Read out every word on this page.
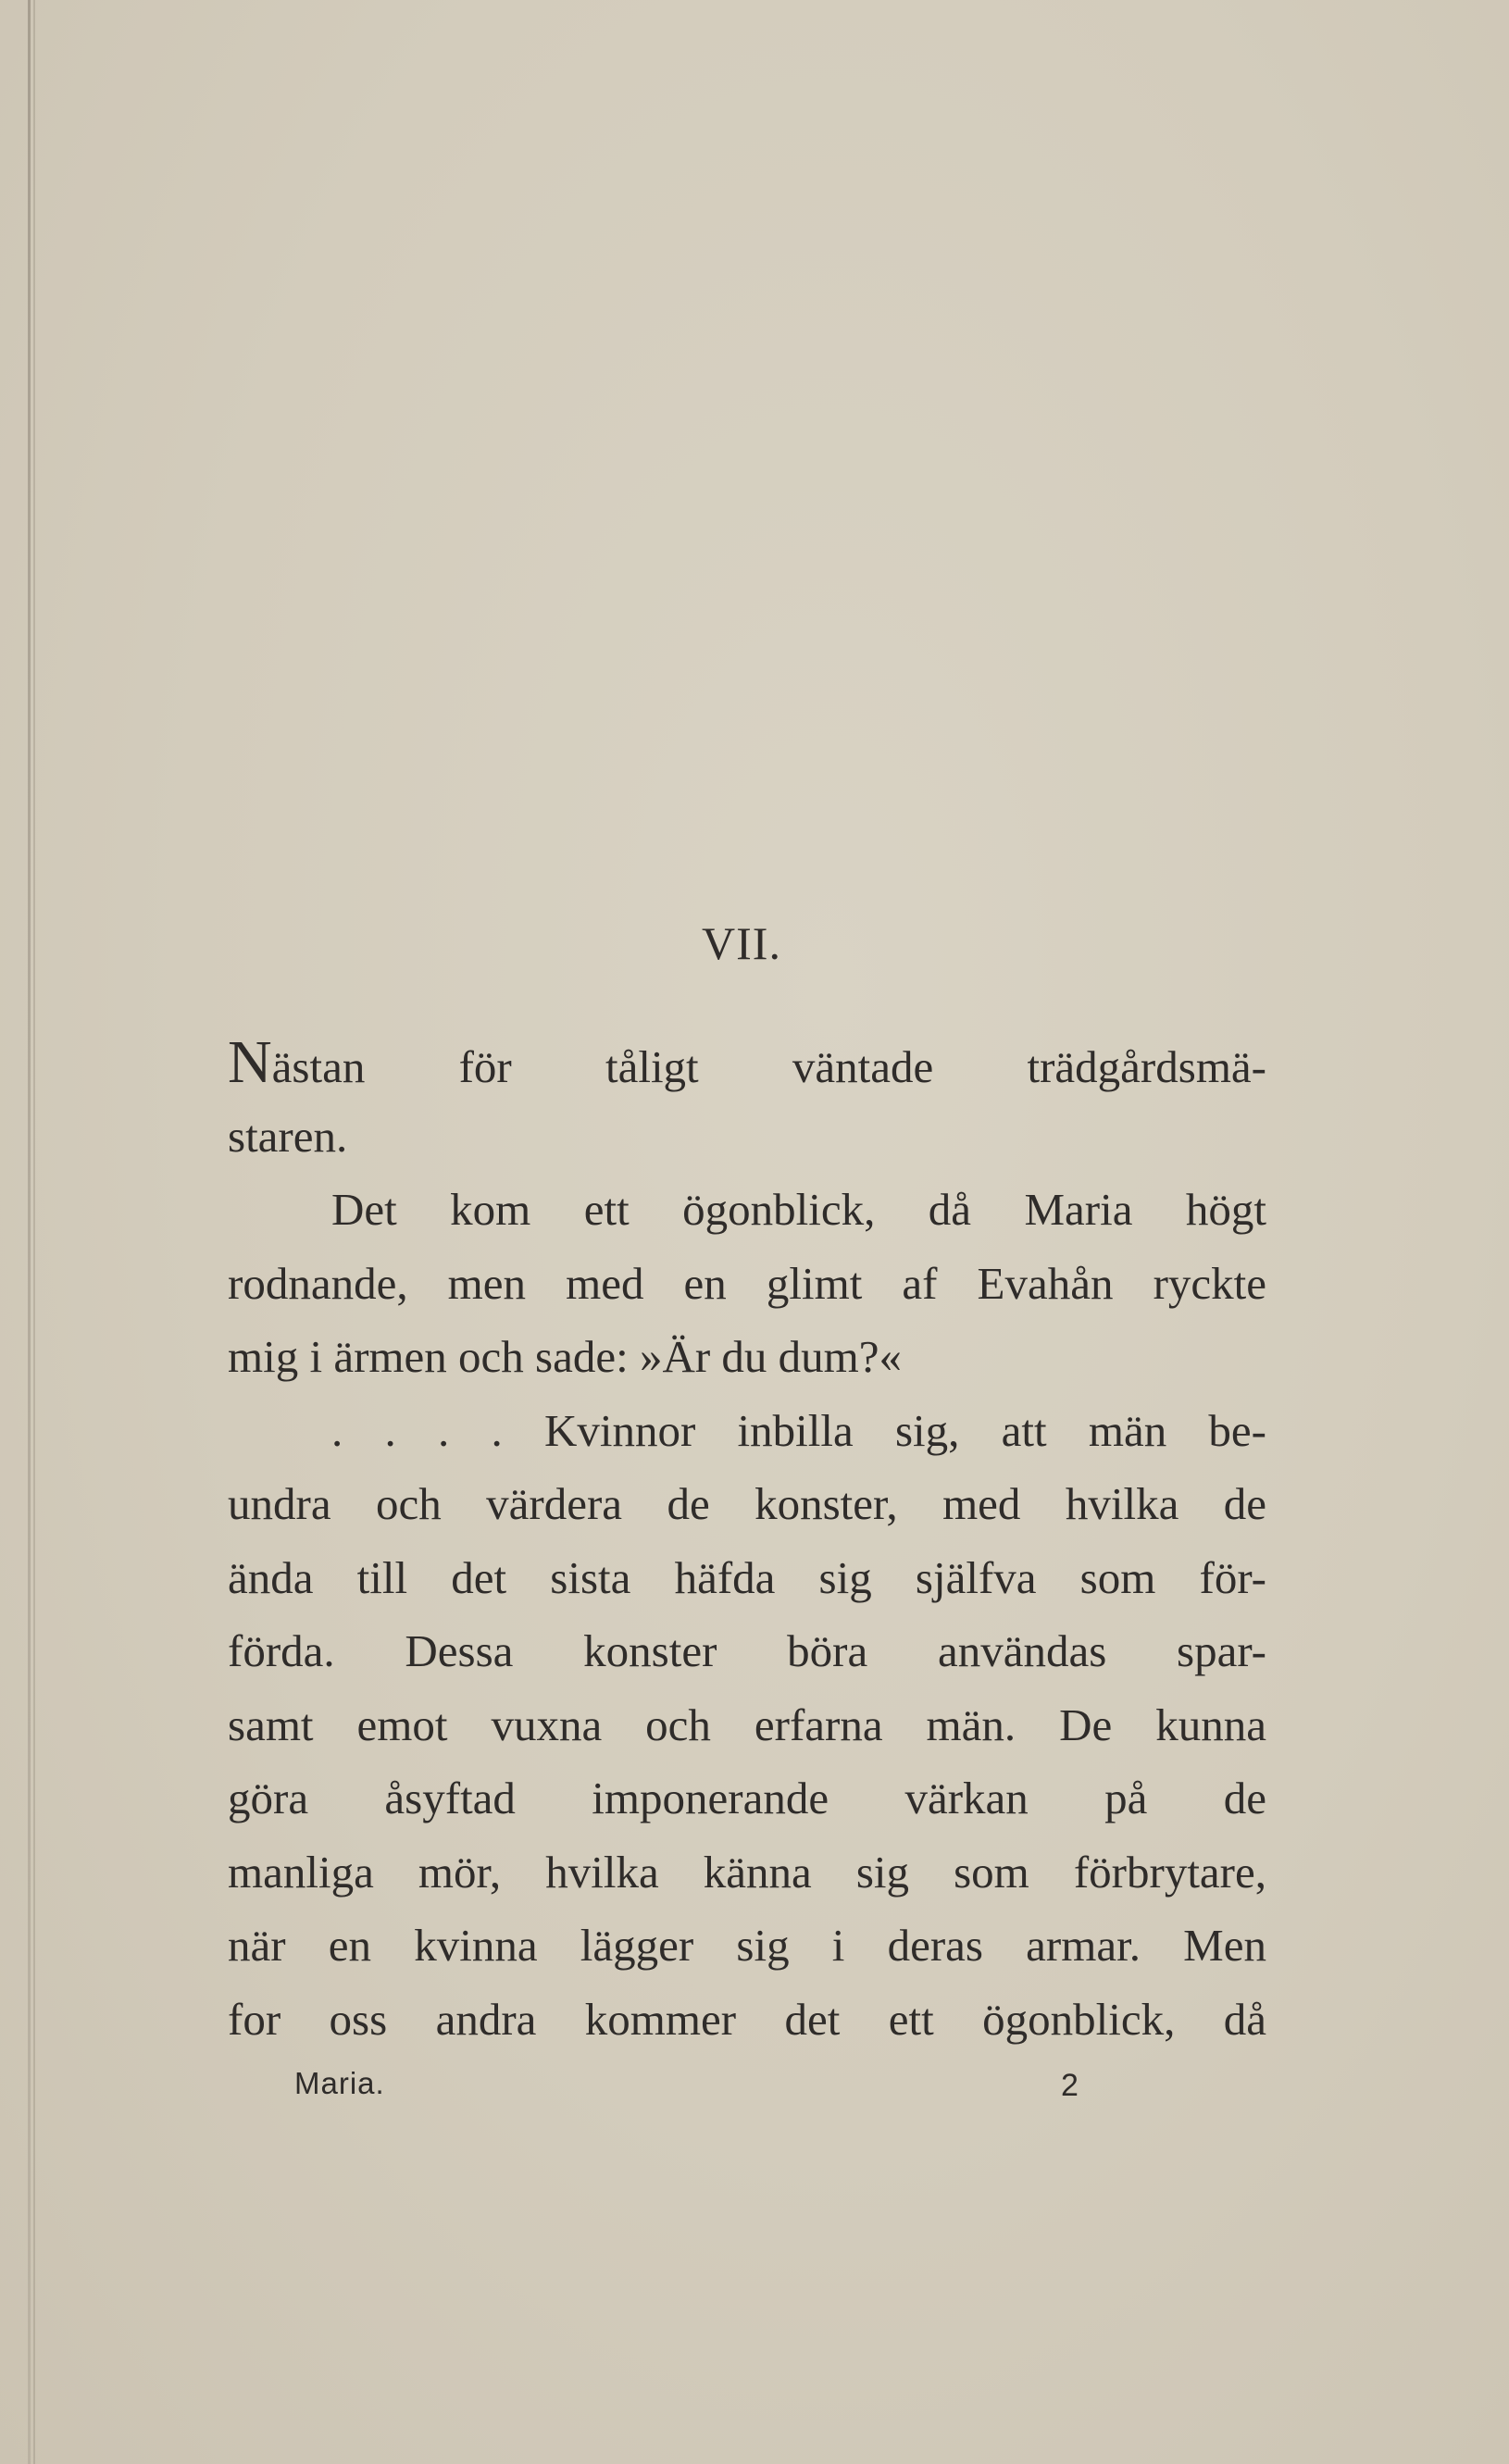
VII.
Nästan för tåligt väntade trädgårdsmä-
staren.
Det kom ett ögonblick, då Maria högt
rodnande, men med en glimt af Evahån ryckte
mig i ärmen och sade: »Är du dum?«
. . . . Kvinnor inbilla sig, att män be-
undra och värdera de konster, med hvilka de
ända till det sista häfda sig själfva som för-
förda. Dessa konster böra användas spar-
samt emot vuxna och erfarna män. De kunna
göra åsyftad imponerande värkan på de
manliga mör, hvilka känna sig som förbrytare,
när en kvinna lägger sig i deras armar. Men
for oss andra kommer det ett ögonblick, då
Maria.	2
